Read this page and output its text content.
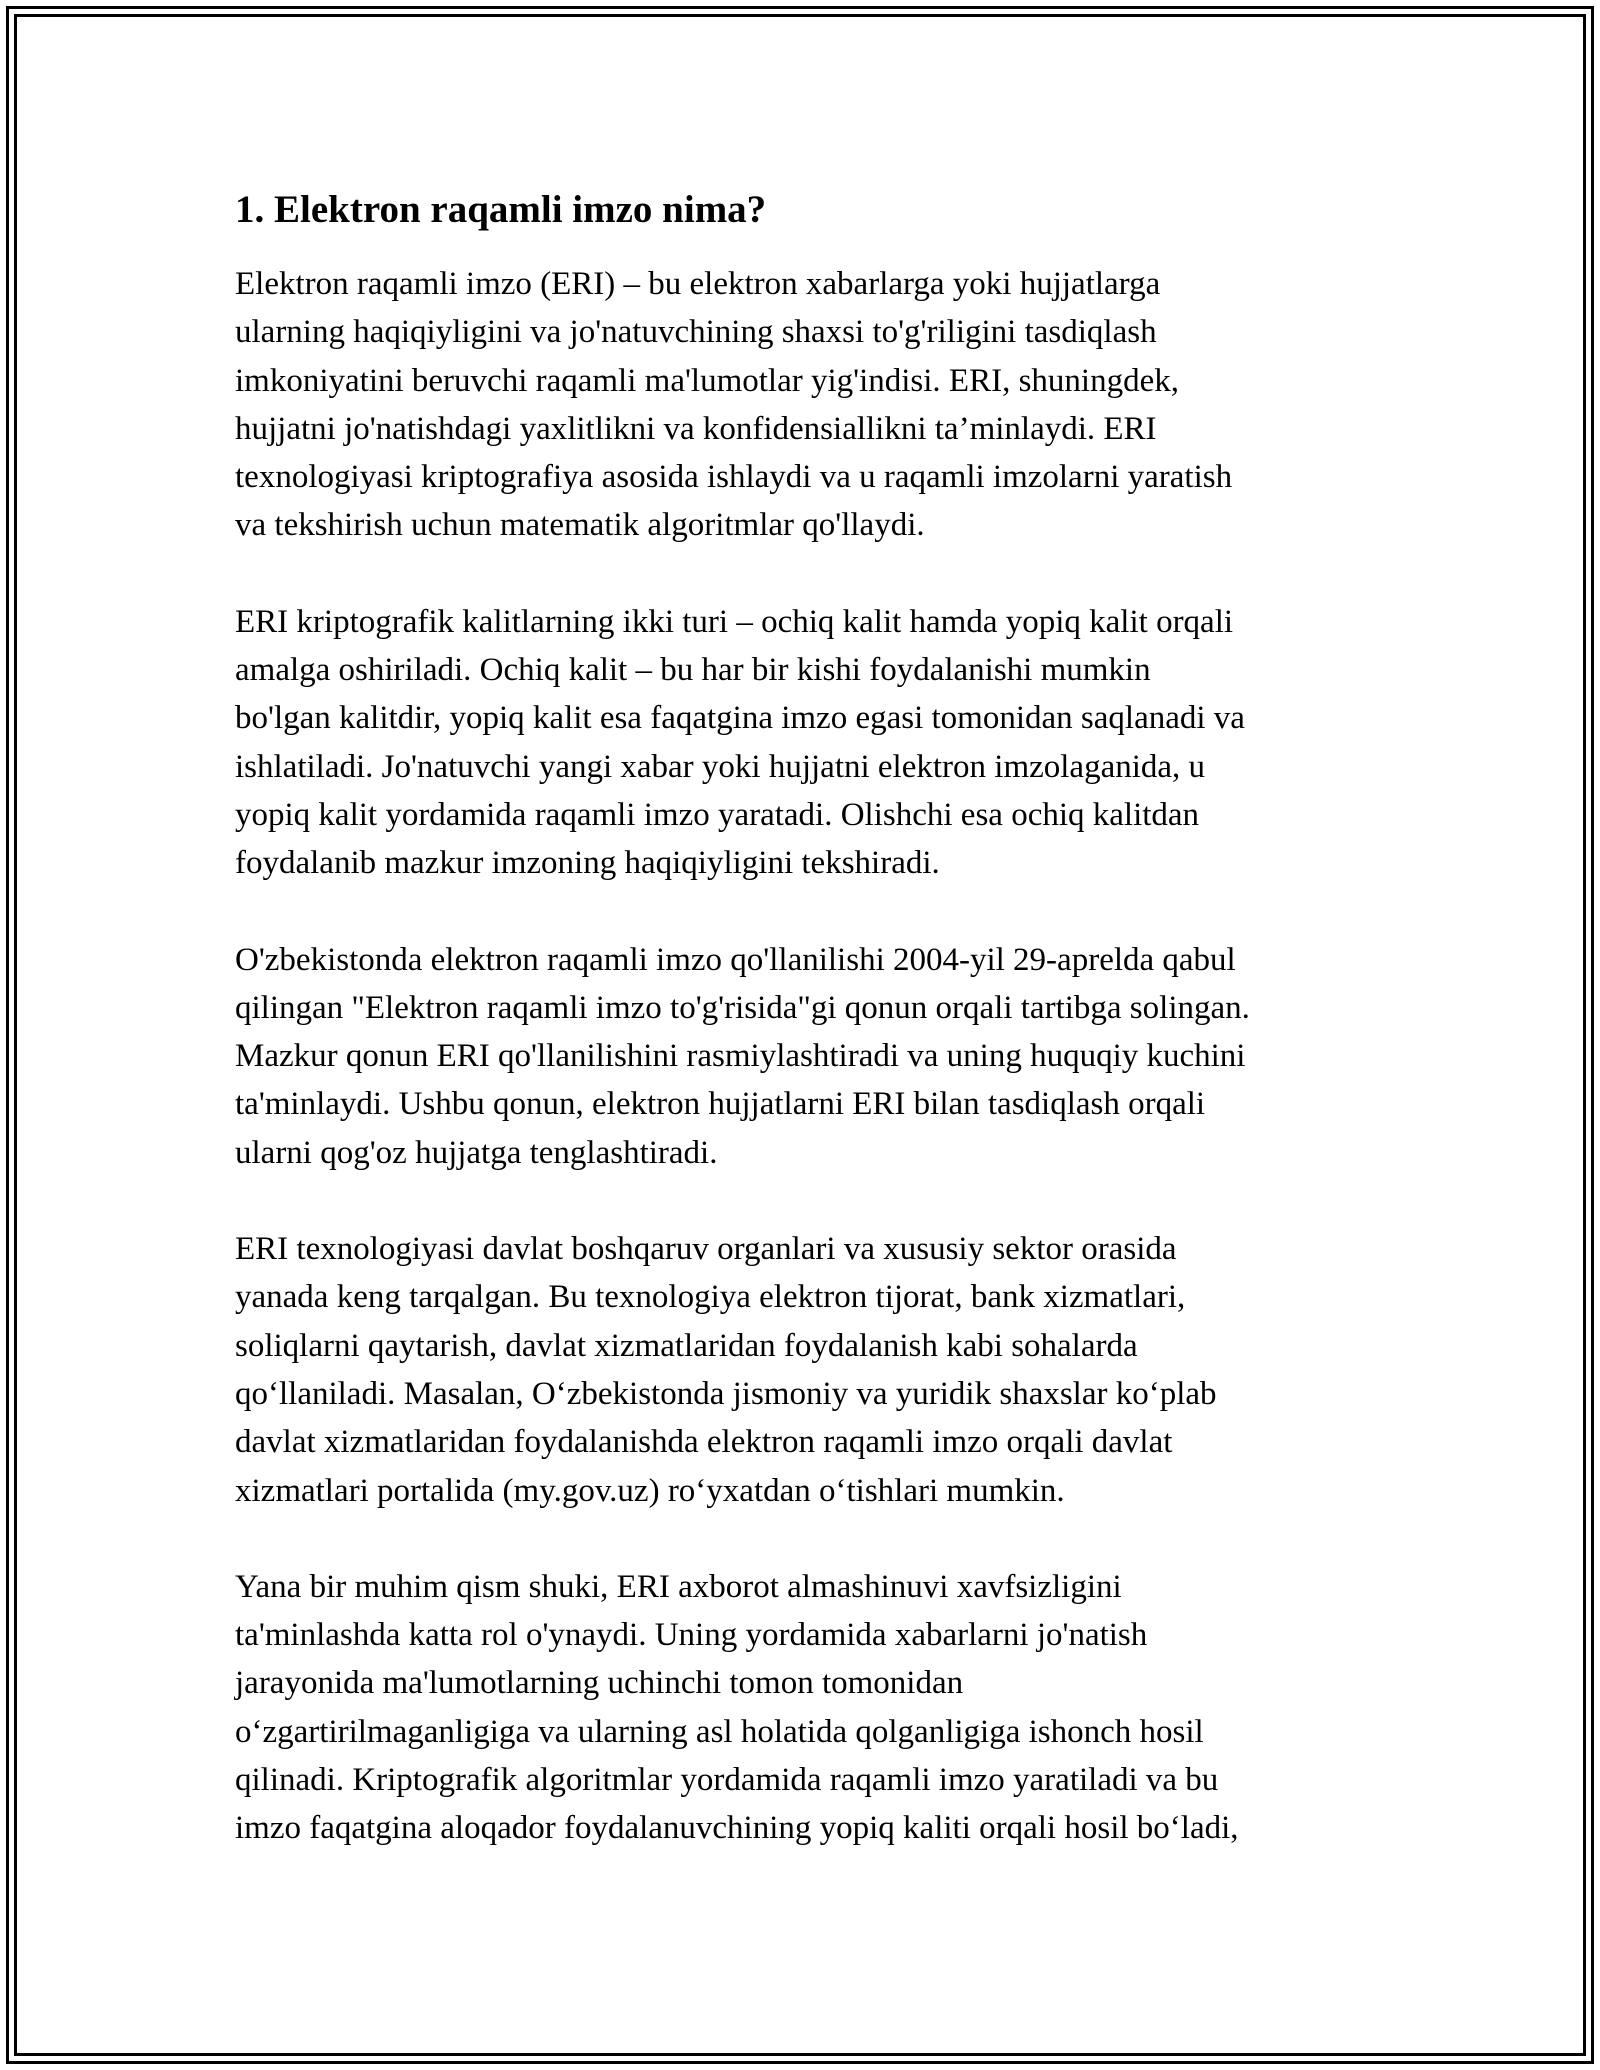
1. Elektron raqamli imzo nima?

Elektron raqamli imzo (ERI) – bu elektron xabarlarga yoki hujjatlarga
ularning haqiqiyligini va jo'natuvchining shaxsi to'g'riligini tasdiqlash
imkoniyatini beruvchi raqamli ma'lumotlar yig'indisi. ERI, shuningdek,
hujjatni jo'natishdagi yaxlitlikni va konfidensiallikni ta’minlaydi. ERI
texnologiyasi kriptografiya asosida ishlaydi va u raqamli imzolarni yaratish
va tekshirish uchun matematik algoritmlar qo'llaydi.

ERI kriptografik kalitlarning ikki turi – ochiq kalit hamda yopiq kalit orqali
amalga oshiriladi. Ochiq kalit – bu har bir kishi foydalanishi mumkin
bo'lgan kalitdir, yopiq kalit esa faqatgina imzo egasi tomonidan saqlanadi va
ishlatiladi. Jo'natuvchi yangi xabar yoki hujjatni elektron imzolaganida, u
yopiq kalit yordamida raqamli imzo yaratadi. Olishchi esa ochiq kalitdan
foydalanib mazkur imzoning haqiqiyligini tekshiradi.

O'zbekistonda elektron raqamli imzo qo'llanilishi 2004-yil 29-aprelda qabul
qilingan "Elektron raqamli imzo to'g'risida"gi qonun orqali tartibga solingan.
Mazkur qonun ERI qo'llanilishini rasmiylashtiradi va uning huquqiy kuchini
ta'minlaydi. Ushbu qonun, elektron hujjatlarni ERI bilan tasdiqlash orqali
ularni qog'oz hujjatga tenglashtiradi.

ERI texnologiyasi davlat boshqaruv organlari va xususiy sektor orasida
yanada keng tarqalgan. Bu texnologiya elektron tijorat, bank xizmatlari,
soliqlarni qaytarish, davlat xizmatlaridan foydalanish kabi sohalarda
qo‘llaniladi. Masalan, O‘zbekistonda jismoniy va yuridik shaxslar ko‘plab
davlat xizmatlaridan foydalanishda elektron raqamli imzo orqali davlat
xizmatlari portalida (my.gov.uz) ro‘yxatdan o‘tishlari mumkin.

Yana bir muhim qism shuki, ERI axborot almashinuvi xavfsizligini
ta'minlashda katta rol o'ynaydi. Uning yordamida xabarlarni jo'natish
jarayonida ma'lumotlarning uchinchi tomon tomonidan
o‘zgartirilmaganligiga va ularning asl holatida qolganligiga ishonch hosil
qilinadi. Kriptografik algoritmlar yordamida raqamli imzo yaratiladi va bu
imzo faqatgina aloqador foydalanuvchining yopiq kaliti orqali hosil bo‘ladi,
